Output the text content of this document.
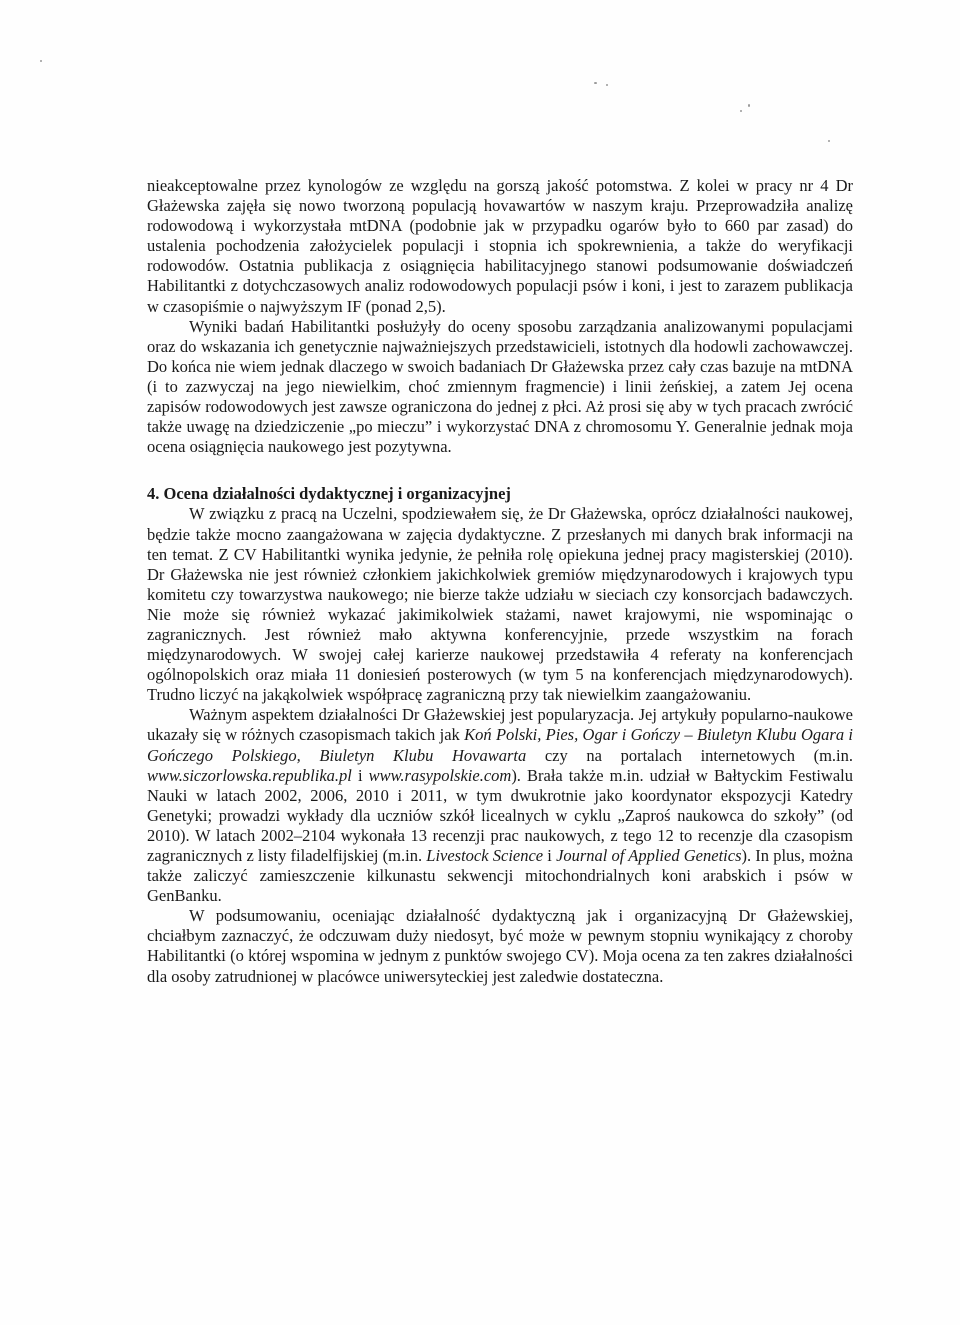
nieakceptowalne przez kynologów ze względu na gorszą jakość potomstwa. Z kolei w pracy nr 4 Dr Głażewska zajęła się nowo tworzoną populacją hovawartów w naszym kraju. Przeprowadziła analizę rodowodową i wykorzystała mtDNA (podobnie jak w przypadku ogarów było to 660 par zasad) do ustalenia pochodzenia założycielek populacji i stopnia ich spokrewnienia, a także do weryfikacji rodowodów. Ostatnia publikacja z osiągnięcia habilitacyjnego stanowi podsumowanie doświadczeń Habilitantki z dotychczasowych analiz rodowodowych populacji psów i koni, i jest to zarazem publikacja w czasopiśmie o najwyższym IF (ponad 2,5).

Wyniki badań Habilitantki posłużyły do oceny sposobu zarządzania analizowanymi populacjami oraz do wskazania ich genetycznie najważniejszych przedstawicieli, istotnych dla hodowli zachowawczej. Do końca nie wiem jednak dlaczego w swoich badaniach Dr Głażewska przez cały czas bazuje na mtDNA (i to zazwyczaj na jego niewielkim, choć zmiennym fragmencie) i linii żeńskiej, a zatem Jej ocena zapisów rodowodowych jest zawsze ograniczona do jednej z płci. Aż prosi się aby w tych pracach zwrócić także uwagę na dziedziczenie „po mieczu” i wykorzystać DNA z chromosomu Y. Generalnie jednak moja ocena osiągnięcia naukowego jest pozytywna.

4. Ocena działalności dydaktycznej i organizacyjnej

W związku z pracą na Uczelni, spodziewałem się, że Dr Głażewska, oprócz działalności naukowej, będzie także mocno zaangażowana w zajęcia dydaktyczne. Z przesłanych mi danych brak informacji na ten temat. Z CV Habilitantki wynika jedynie, że pełniła rolę opiekuna jednej pracy magisterskiej (2010). Dr Głażewska nie jest również członkiem jakichkolwiek gremiów międzynarodowych i krajowych typu komitetu czy towarzystwa naukowego; nie bierze także udziału w sieciach czy konsorcjach badawczych. Nie może się również wykazać jakimikolwiek stażami, nawet krajowymi, nie wspominając o zagranicznych. Jest również mało aktywna konferencyjnie, przede wszystkim na forach międzynarodowych. W swojej całej karierze naukowej przedstawiła 4 referaty na konferencjach ogólnopolskich oraz miała 11 doniesień posterowych (w tym 5 na konferencjach międzynarodowych). Trudno liczyć na jakąkolwiek współpracę zagraniczną przy tak niewielkim zaangażowaniu.

Ważnym aspektem działalności Dr Głażewskiej jest popularyzacja. Jej artykuły popularno-naukowe ukazały się w różnych czasopismach takich jak Koń Polski, Pies, Ogar i Gończy – Biuletyn Klubu Ogara i Gończego Polskiego, Biuletyn Klubu Hovawarta czy na portalach internetowych (m.in. www.siczorlowska.republika.pl i www.rasypolskie.com). Brała także m.in. udział w Bałtyckim Festiwalu Nauki w latach 2002, 2006, 2010 i 2011, w tym dwukrotnie jako koordynator ekspozycji Katedry Genetyki; prowadzi wykłady dla uczniów szkół licealnych w cyklu „Zaproś naukowca do szkoły” (od 2010). W latach 2002–2104 wykonała 13 recenzji prac naukowych, z tego 12 to recenzje dla czasopism zagranicznych z listy filadelfijskiej (m.in. Livestock Science i Journal of Applied Genetics). In plus, można także zaliczyć zamieszczenie kilkunastu sekwencji mitochondrialnych koni arabskich i psów w GenBanku.

W podsumowaniu, oceniając działalność dydaktyczną jak i organizacyjną Dr Głażewskiej, chciałbym zaznaczyć, że odczuwam duży niedosyt, być może w pewnym stopniu wynikający z choroby Habilitantki (o której wspomina w jednym z punktów swojego CV). Moja ocena za ten zakres działalności dla osoby zatrudnionej w placówce uniwersyteckiej jest zaledwie dostateczna.
